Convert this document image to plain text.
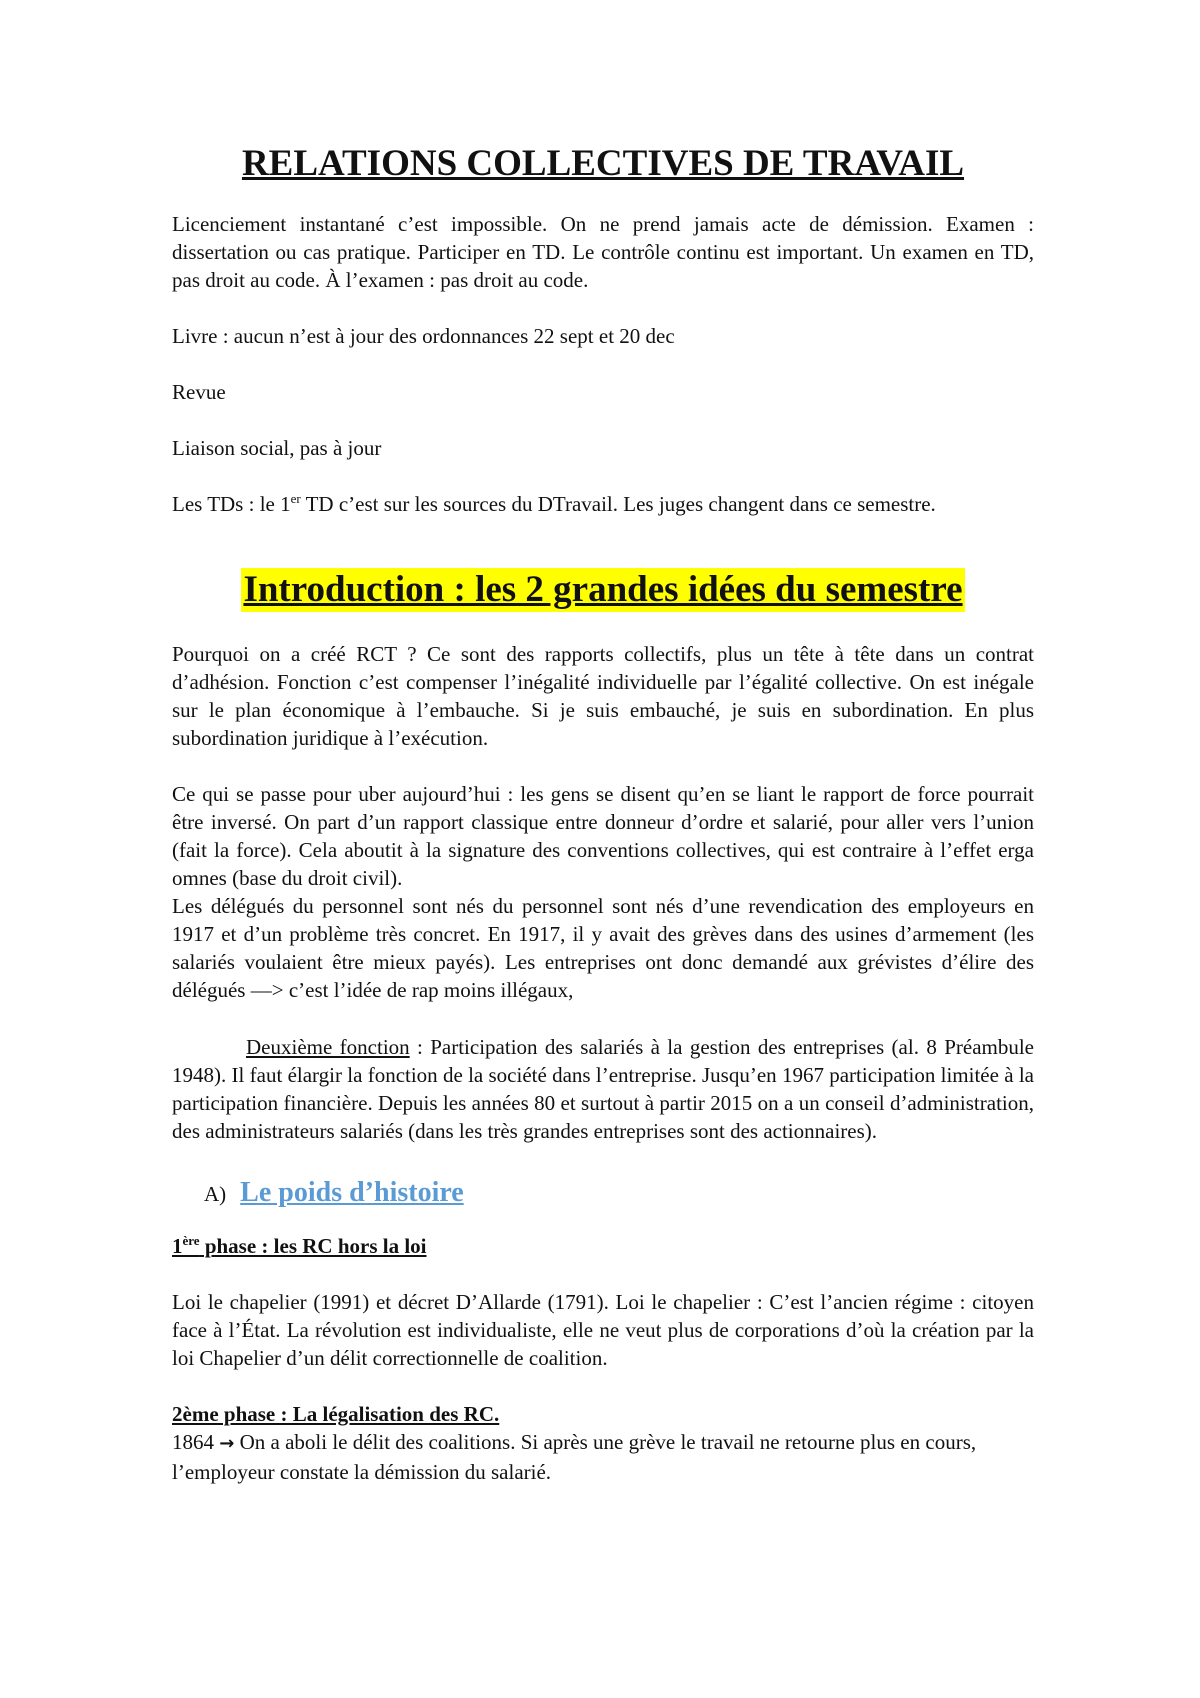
RELATIONS COLLECTIVES DE TRAVAIL

Licenciement instantané c’est impossible. On ne prend jamais acte de démission. Examen : dissertation ou cas pratique. Participer en TD. Le contrôle continu est important. Un examen en TD, pas droit au code. À l’examen : pas droit au code.

Livre : aucun n’est à jour des ordonnances 22 sept et 20 dec

Revue

Liaison social, pas à jour

Les TDs : le 1er TD c’est sur les sources du DTravail. Les juges changent dans ce semestre.

Introduction : les 2 grandes idées du semestre

Pourquoi on a créé RCT ? Ce sont des rapports collectifs, plus un tête à tête dans un contrat d’adhésion. Fonction c’est compenser l’inégalité individuelle par l’égalité collective. On est inégale sur le plan économique à l’embauche. Si je suis embauché, je suis en subordination. En plus subordination juridique à l’exécution.

Ce qui se passe pour uber aujourd’hui : les gens se disent qu’en se liant le rapport de force pourrait être inversé. On part d’un rapport classique entre donneur d’ordre et salarié, pour aller vers l’union (fait la force). Cela aboutit à la signature des conventions collectives, qui est contraire à l’effet erga omnes (base du droit civil).

Les délégués du personnel sont nés du personnel sont nés d’une revendication des employeurs en 1917 et d’un problème très concret. En 1917, il y avait des grèves dans des usines d’armement (les salariés voulaient être mieux payés). Les entreprises ont donc demandé aux grévistes d’élire des délégués —> c’est l’idée de rap moins illégaux,

Deuxième fonction : Participation des salariés à la gestion des entreprises (al. 8 Préambule 1948). Il faut élargir la fonction de la société dans l’entreprise. Jusqu’en 1967 participation limitée à la participation financière. Depuis les années 80 et surtout à partir 2015 on a un conseil d’administration, des administrateurs salariés (dans les très grandes entreprises sont des actionnaires).

A) Le poids d’histoire

1ère phase : les RC hors la loi

Loi le chapelier (1991) et décret D’Allarde (1791). Loi le chapelier : C’est l’ancien régime : citoyen face à l’État. La révolution est individualiste, elle ne veut plus de corporations d’où la création par la loi Chapelier d’un délit correctionnelle de coalition.

2ème phase : La légalisation des RC.

1864 → On a aboli le délit des coalitions. Si après une grève le travail ne retourne plus en cours, l’employeur constate la démission du salarié.
